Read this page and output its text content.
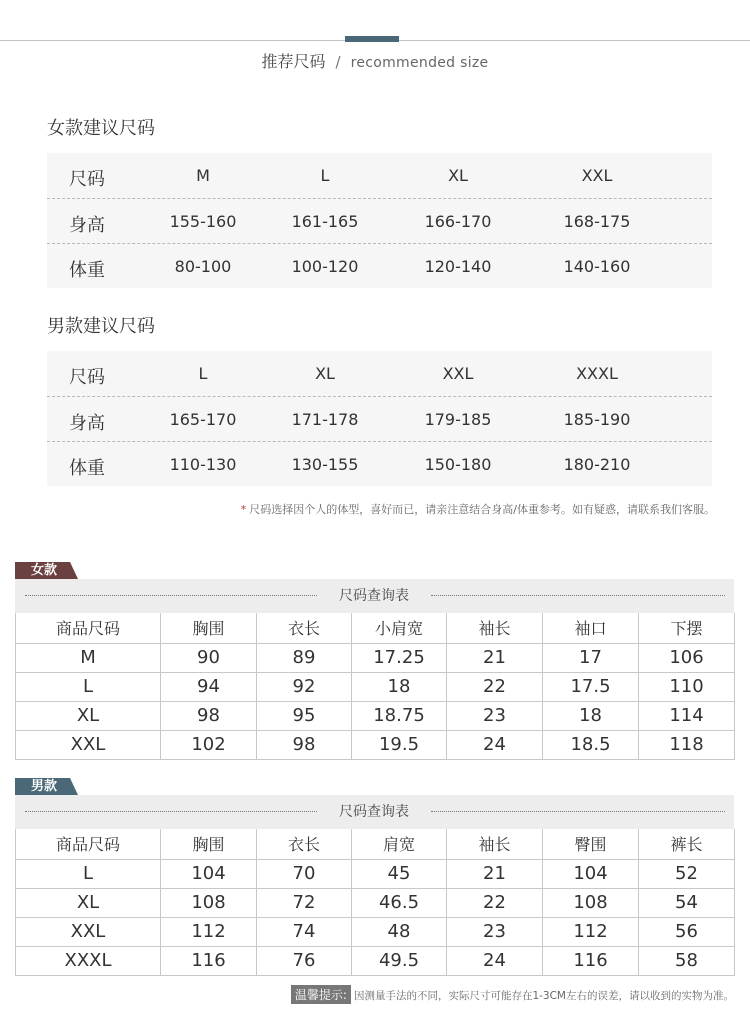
推荐尺码 / recommended size
女款建议尺码
尺码	M	L	XL	XXL
身高	155-160	161-165	166-170	168-175
体重	80-100	100-120	120-140	140-160
男款建议尺码
尺码	L	XL	XXL	XXXL
身高	165-170	171-178	179-185	185-190
体重	110-130	130-155	150-180	180-210
* 尺码选择因个人的体型，喜好而已，请亲注意结合身高/体重参考。如有疑惑，请联系我们客服。
女款
尺码查询表
商品尺码	胸围	衣长	小肩宽	袖长	袖口	下摆
M	90	89	17.25	21	17	106
L	94	92	18	22	17.5	110
XL	98	95	18.75	23	18	114
XXL	102	98	19.5	24	18.5	118
男款
尺码查询表
商品尺码	胸围	衣长	肩宽	袖长	臀围	裤长
L	104	70	45	21	104	52
XL	108	72	46.5	22	108	54
XXL	112	74	48	23	112	56
XXXL	116	76	49.5	24	116	58
温馨提示: 因测量手法的不同，实际尺寸可能存在1-3CM左右的误差，请以收到的实物为准。
